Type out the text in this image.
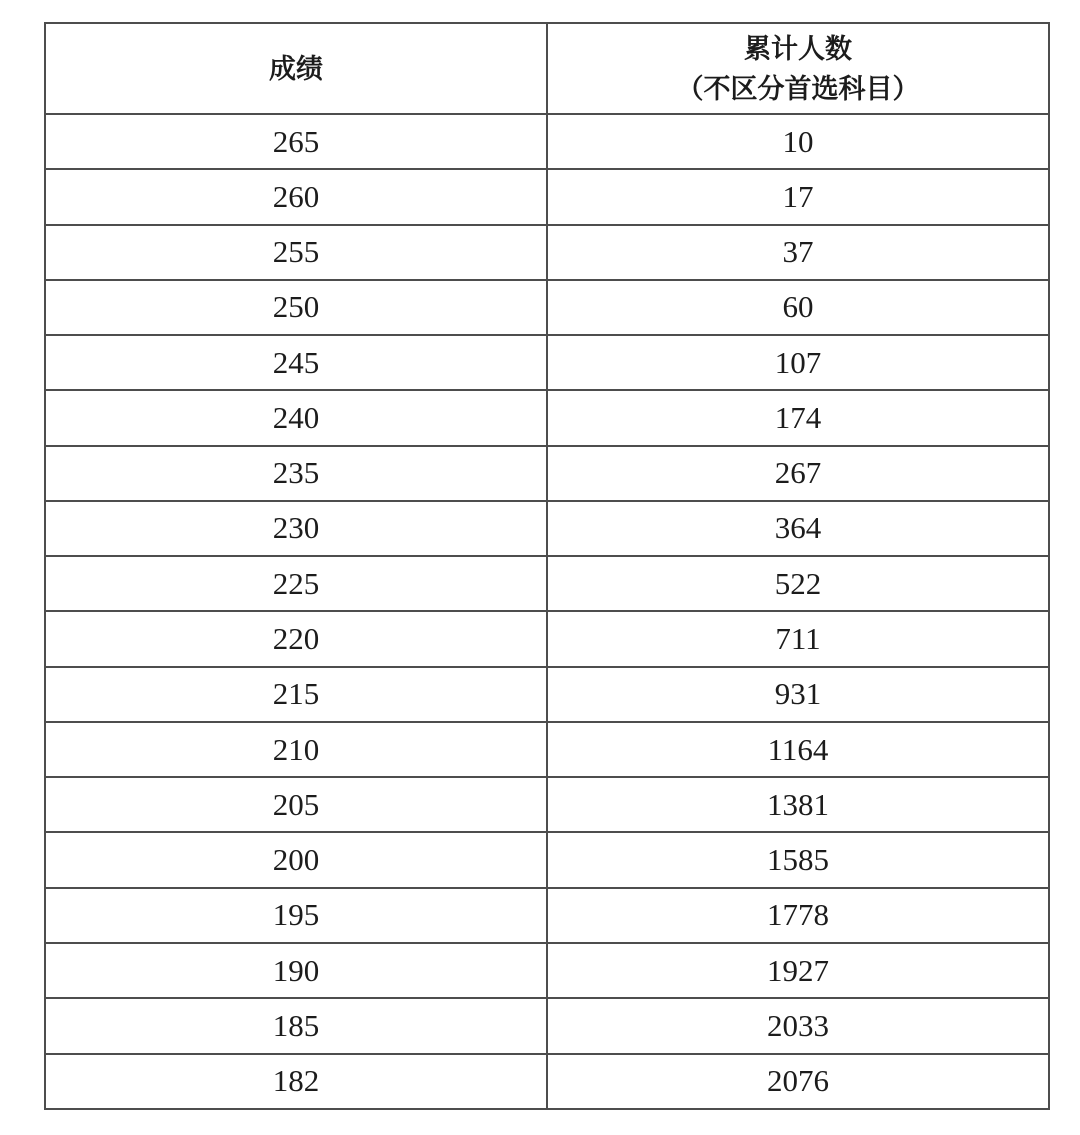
成绩	累计人数
（不区分首选科目）

265	10
260	17
255	37
250	60
245	107
240	174
235	267
230	364
225	522
220	711
215	931
210	1164
205	1381
200	1585
195	1778
190	1927
185	2033
182	2076
